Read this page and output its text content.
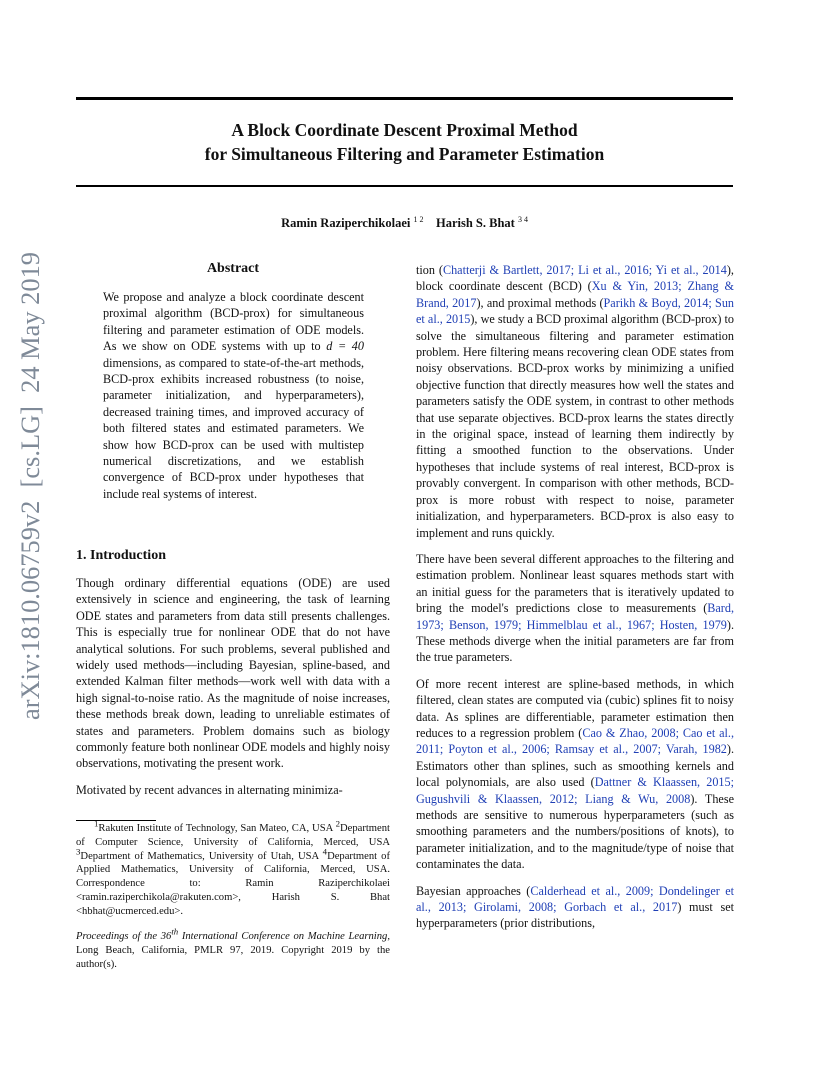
A Block Coordinate Descent Proximal Method
for Simultaneous Filtering and Parameter Estimation
Ramin Raziperchikolaei $^{1 2}$ Harish S. Bhat $^{3 4}$
arXiv:1810.06759v2  [cs.LG]  24 May 2019	Abstract

We propose and analyze a block coordinate descent proximal algorithm (BCD-prox) for simultaneous filtering and parameter estimation of ODE models. As we show on ODE systems with up to d = 40 dimensions, as compared to state-of-the-art methods, BCD-prox exhibits increased robustness (to noise, parameter initialization, and hyperparameters), decreased training times, and improved accuracy of both filtered states and estimated parameters. We show how BCD-prox can be used with multistep numerical discretizations, and we establish convergence of BCD-prox under hypotheses that include real systems of interest.

1. Introduction

Though ordinary differential equations (ODE) are used extensively in science and engineering, the task of learning ODE states and parameters from data still presents challenges. This is especially true for nonlinear ODE that do not have analytical solutions. For such problems, several published and widely used methods—including Bayesian, spline-based, and extended Kalman filter methods—work well with data with a high signal-to-noise ratio. As the magnitude of noise increases, these methods break down, leading to unreliable estimates of states and parameters. Problem domains such as biology commonly feature both nonlinear ODE models and highly noisy observations, motivating the present work.

Motivated by recent advances in alternating minimiza-

$^1$Rakuten Institute of Technology, San Mateo, CA, USA $^2$Department of Computer Science, University of California, Merced, USA $^3$Department of Mathematics, University of Utah, USA $^4$Department of Applied Mathematics, University of California, Merced, USA. Correspondence to: Ramin Raziperchikolaei <ramin.raziperchikola@rakuten.com>, Harish S. Bhat <hbhat@ucmerced.edu>.

Proceedings of the 36th International Conference on Machine Learning, Long Beach, California, PMLR 97, 2019. Copyright 2019 by the author(s).

tion (Chatterji & Bartlett, 2017; Li et al., 2016; Yi et al., 2014), block coordinate descent (BCD) (Xu & Yin, 2013; Zhang & Brand, 2017), and proximal methods (Parikh & Boyd, 2014; Sun et al., 2015), we study a BCD proximal algorithm (BCD-prox) to solve the simultaneous filtering and parameter estimation problem. Here filtering means recovering clean ODE states from noisy observations. BCD-prox works by minimizing a unified objective function that directly measures how well the states and parameters satisfy the ODE system, in contrast to other methods that use separate objectives. BCD-prox learns the states directly in the original space, instead of learning them indirectly by fitting a smoothed function to the observations. Under hypotheses that include systems of real interest, BCD-prox is provably convergent. In comparison with other methods, BCD-prox is more robust with respect to noise, parameter initialization, and hyperparameters. BCD-prox is also easy to implement and runs quickly.

There have been several different approaches to the filtering and estimation problem. Nonlinear least squares methods start with an initial guess for the parameters that is iteratively updated to bring the model's predictions close to measurements (Bard, 1973; Benson, 1979; Himmelblau et al., 1967; Hosten, 1979). These methods diverge when the initial parameters are far from the true parameters.

Of more recent interest are spline-based methods, in which filtered, clean states are computed via (cubic) splines fit to noisy data. As splines are differentiable, parameter estimation then reduces to a regression problem (Cao & Zhao, 2008; Cao et al., 2011; Poyton et al., 2006; Ramsay et al., 2007; Varah, 1982). Estimators other than splines, such as smoothing kernels and local polynomials, are also used (Dattner & Klaassen, 2015; Gugushvili & Klaassen, 2012; Liang & Wu, 2008). These methods are sensitive to numerous hyperparameters (such as smoothing parameters and the numbers/positions of knots), to parameter initialization, and to the magnitude/type of noise that contaminates the data.

Bayesian approaches (Calderhead et al., 2009; Dondelinger et al., 2013; Girolami, 2008; Gorbach et al., 2017) must set hyperparameters (prior distributions,
